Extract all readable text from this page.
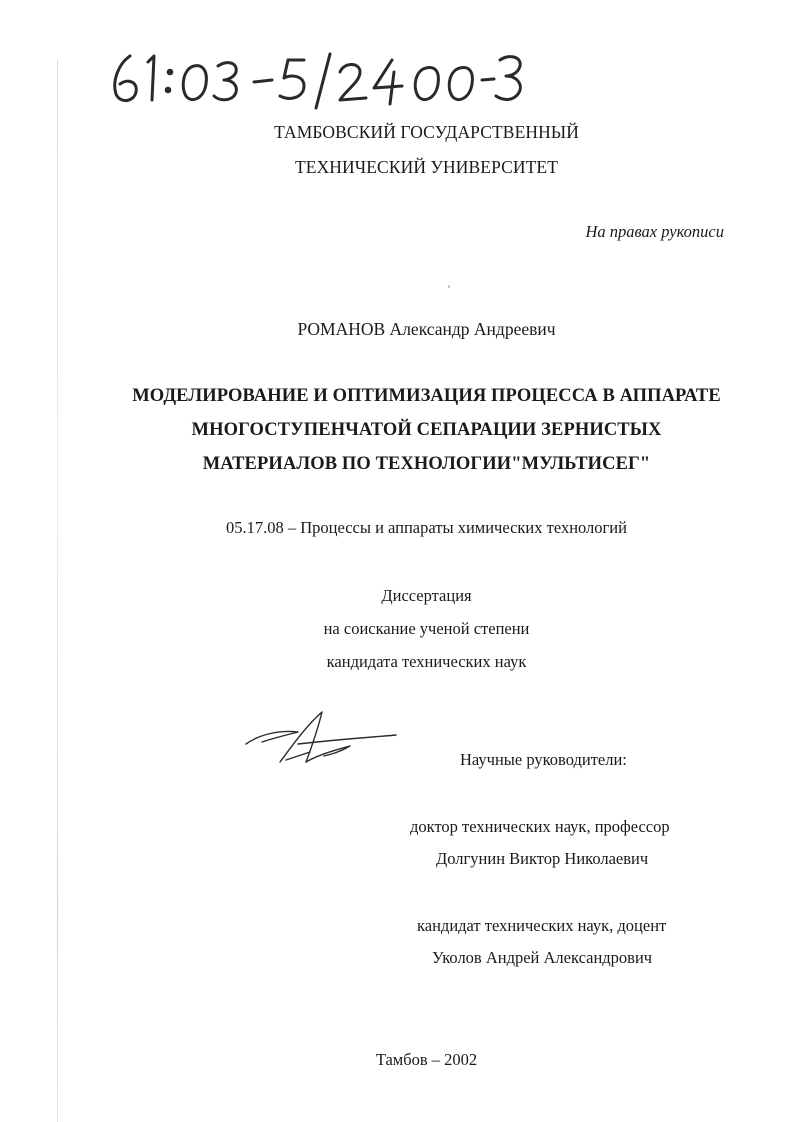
ТАМБОВСКИЙ ГОСУДАРСТВЕННЫЙ
ТЕХНИЧЕСКИЙ УНИВЕРСИТЕТ
На правах рукописи
РОМАНОВ Александр Андреевич
МОДЕЛИРОВАНИЕ И ОПТИМИЗАЦИЯ ПРОЦЕССА В АППАРАТЕ
МНОГОСТУПЕНЧАТОЙ СЕПАРАЦИИ ЗЕРНИСТЫХ
МАТЕРИАЛОВ ПО ТЕХНОЛОГИИ"МУЛЬТИСЕГ"
05.17.08 – Процессы и аппараты химических технологий
Диссертация
на соискание ученой степени
кандидата технических наук
Научные руководители:
доктор технических наук, профессор
Долгунин Виктор Николаевич
кандидат технических наук, доцент
Уколов Андрей Александрович
Тамбов – 2002
